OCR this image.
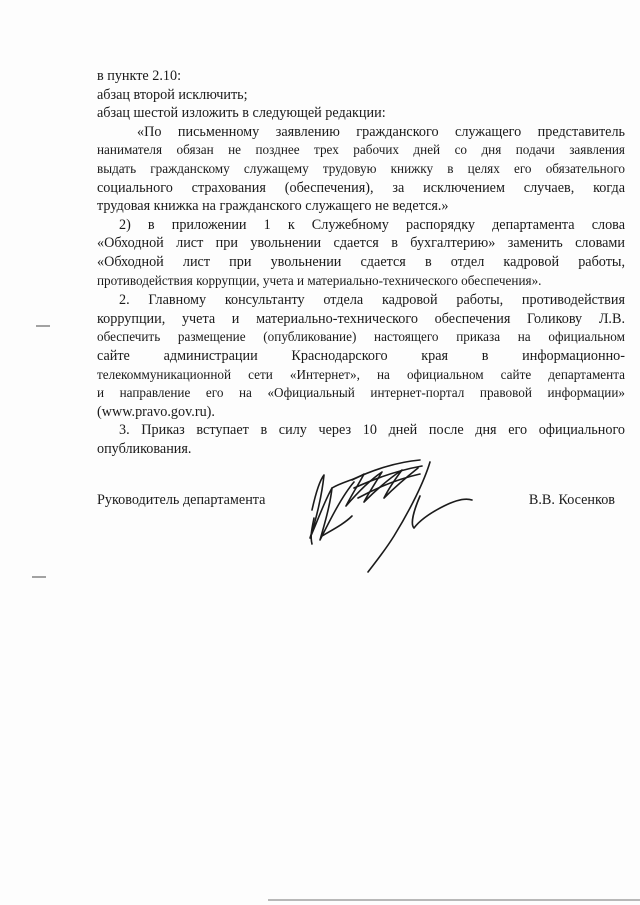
в пункте 2.10:
абзац второй исключить;
абзац шестой изложить в следующей редакции:
«По письменному заявлению гражданского служащего представитель
нанимателя обязан не позднее трех рабочих дней со дня подачи заявления
выдать гражданскому служащему трудовую книжку в целях его обязательного
социального страхования (обеспечения), за исключением случаев, когда
трудовая книжка на гражданского служащего не ведется.»
2) в приложении 1 к Служебному распорядку департамента слова
«Обходной лист при увольнении сдается в бухгалтерию» заменить словами
«Обходной лист при увольнении сдается в отдел кадровой работы,
противодействия коррупции, учета и материально-технического обеспечения».
2. Главному консультанту отдела кадровой работы, противодействия
коррупции, учета и материально-технического обеспечения Голикову Л.В.
обеспечить размещение (опубликование) настоящего приказа на официальном
сайте администрации Краснодарского края в информационно-
телекоммуникационной сети «Интернет», на официальном сайте департамента
и направление его на «Официальный интернет-портал правовой информации»
(www.pravo.gov.ru).
3. Приказ вступает в силу через 10 дней после дня его официального
опубликования.
Руководитель департамента	В.В. Косенков
